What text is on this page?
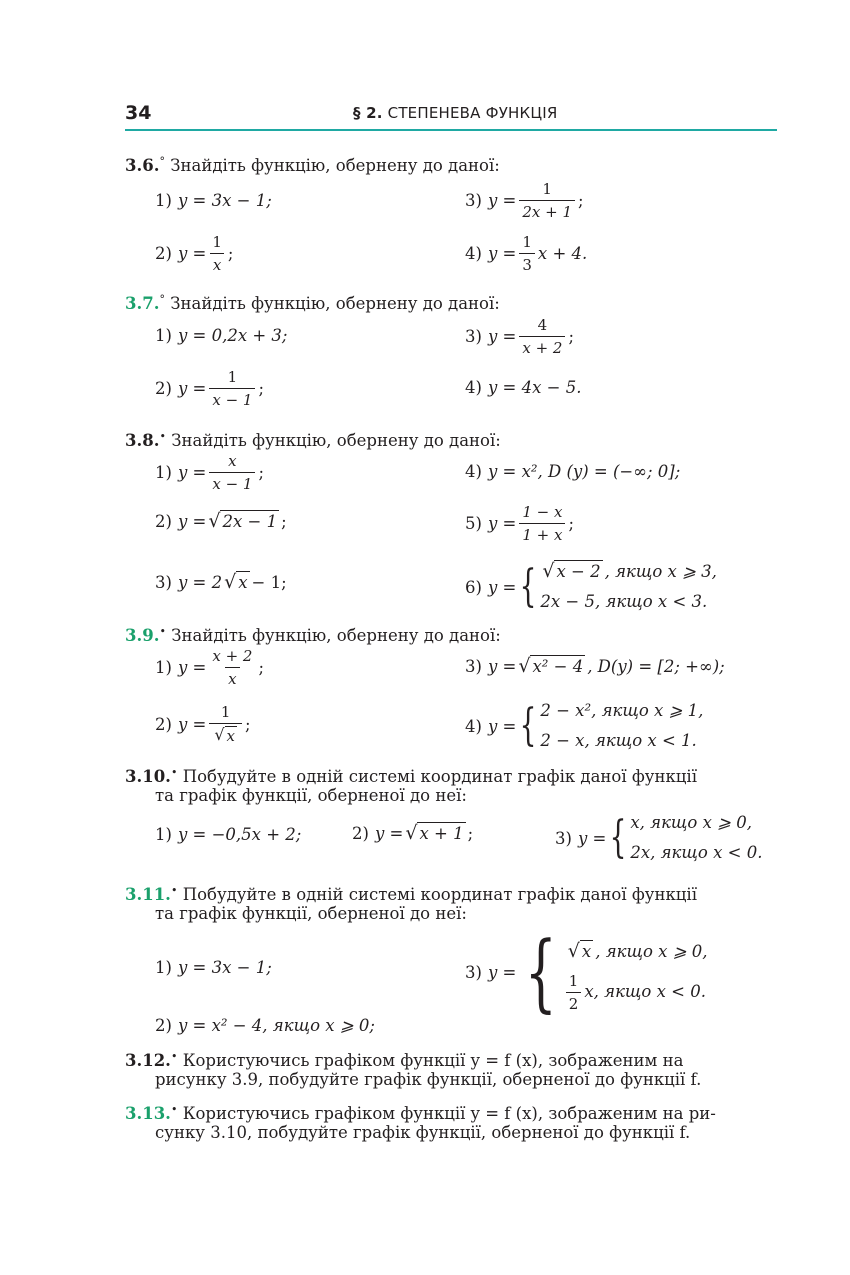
34	§ 2. СТЕПЕНЕВА ФУНКЦІЯ
3.6.° Знайдіть функцію, обернену до даної:
1) y = 3x − 1;	3) $y = \frac{1}{2x + 1}$ ;
2) $y = \frac{1}{x}$ ;	4) $y = \frac{1}{3}$ x + 4.
3.7.° Знайдіть функцію, обернену до даної:
1) y = 0,2x + 3;	3) $y = \frac{4}{x + 2}$ ;
2) $y = \frac{1}{x - 1}$ ;	4) y = 4x − 5.
3.8.• Знайдіть функцію, обернену до даної:
1) $y = \frac{x}{x - 1}$ ;	4) y = x², D (y) = (−∞; 0];
2) y = √ 2x − 1 ;	5) $y = \frac{1 - x}{1 + x}$ ;
3) y = 2 √ x − 1;	6) y = { √ x − 2 , якщо x ⩾ 3,
2x − 5, якщо x < 3.
3.9.• Знайдіть функцію, обернену до даної:
1) $y = \frac{x + 2}{x}$ ;	3) y = √ x² − 4 , D(y) = [2; +∞);
2) $y = \frac{1}{√ x}$ ;	4) y = { 2 − x², якщо x ⩾ 1,
2 − x, якщо x < 1.
3.10.• Побудуйте в одній системі координат графік даної функції
та графік функції, оберненої до неї:
1) y = −0,5x + 2;	2) y = √ x + 1 ;	3) y = { x, якщо x ⩾ 0,
2x, якщо x < 0.
3.11.• Побудуйте в одній системі координат графік даної функції
та графік функції, оберненої до неї:
1) y = 3x − 1;	3) y = { √ x , якщо x ⩾ 0,
$\frac{1}{2} x$, якщо x < 0.
2) y = x² − 4, якщо x ⩾ 0;
3.12.• Користуючись графіком функції y = f (x), зображеним на
рисунку 3.9, побудуйте графік функції, оберненої до функції f.
3.13.• Користуючись графіком функції y = f (x), зображеним на ри-
сунку 3.10, побудуйте графік функції, оберненої до функції f.
